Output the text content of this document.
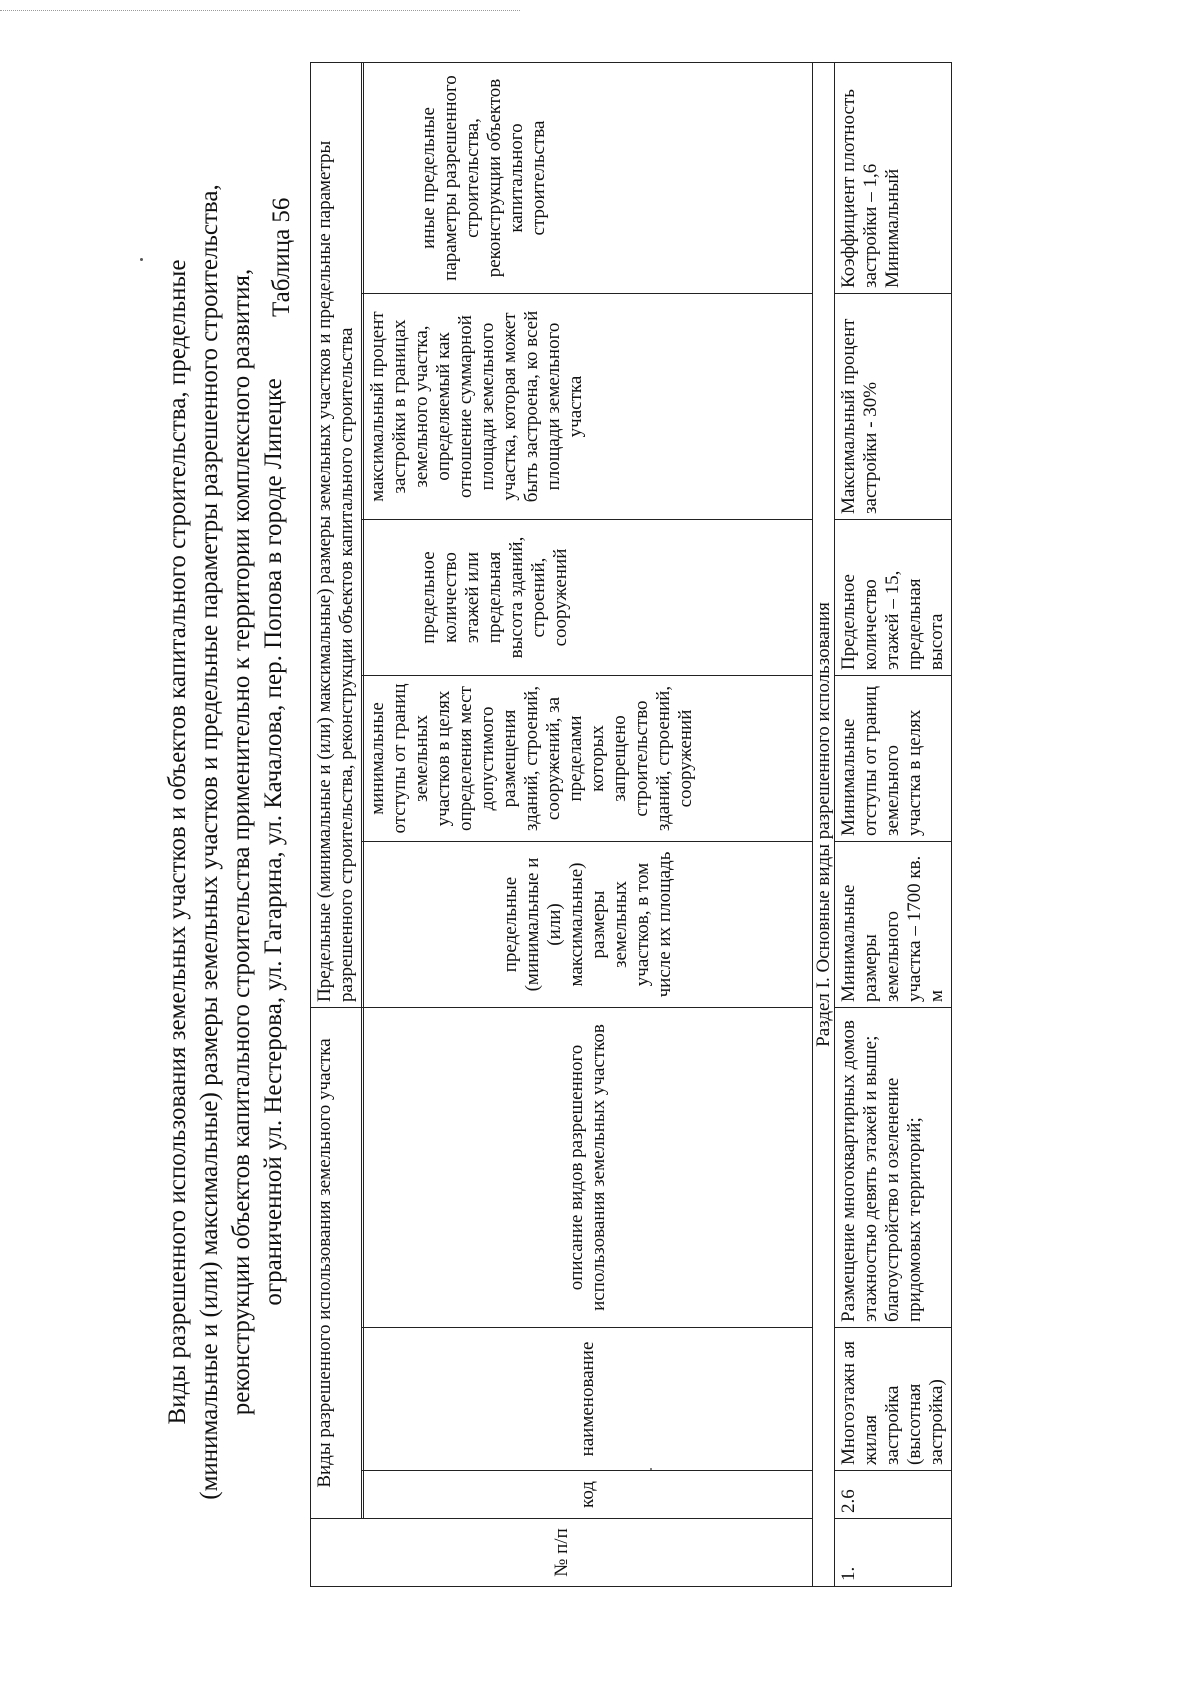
Виды разрешенного использования земельных участков и объектов капитального строительства, предельные (минимальные и (или) максимальные) размеры земельных участков и предельные параметры разрешенного строительства, реконструкции объектов капитального строительства применительно к территории комплексного развития, ограниченной ул. Нестерова, ул. Гагарина, ул. Качалова, пер. Попова в городе Липецке
Таблица 56
№ п/п	Виды разрешенного использования земельного участка			Предельные (минимальные и (или) максимальные) размеры земельных участков и предельные параметры разрешенного строительства, реконструкции объектов капитального строительства				

	код	наименование	описание видов разрешенного использования земельных участков	предельные (минимальные и (или) максимальные) размеры земельных участков, в том числе их площадь	минимальные отступы от границ земельных участков в целях определения мест допустимого размещения зданий, строений, сооружений, за пределами которых запрещено строительство зданий, строений, сооружений	предельное количество этажей или предельная высота зданий, строений, сооружений	максимальный процент застройки в границах земельного участка, определяемый как отношение суммарной площади земельного участка, которая может быть застроена, ко всей площади земельного участка	иные предельные параметры разрешенного строительства, реконструкции объектов капитального строительства
Раздел I. Основные виды разрешенного использования								
1.	2.6	Многоэтажн ая жилая застройка (высотная застройка)	Размещение многоквартирных домов этажностью девять этажей и выше; благоустройство и озеленение придомовых территорий;	Минимальные размеры земельного участка – 1700 кв. м	Минимальные отступы от границ земельного участка в целях	Предельное количество этажей – 15, предельная высота	Максимальный процент застройки - 30%	Коэффициент плотность застройки – 1,6 Минимальный
